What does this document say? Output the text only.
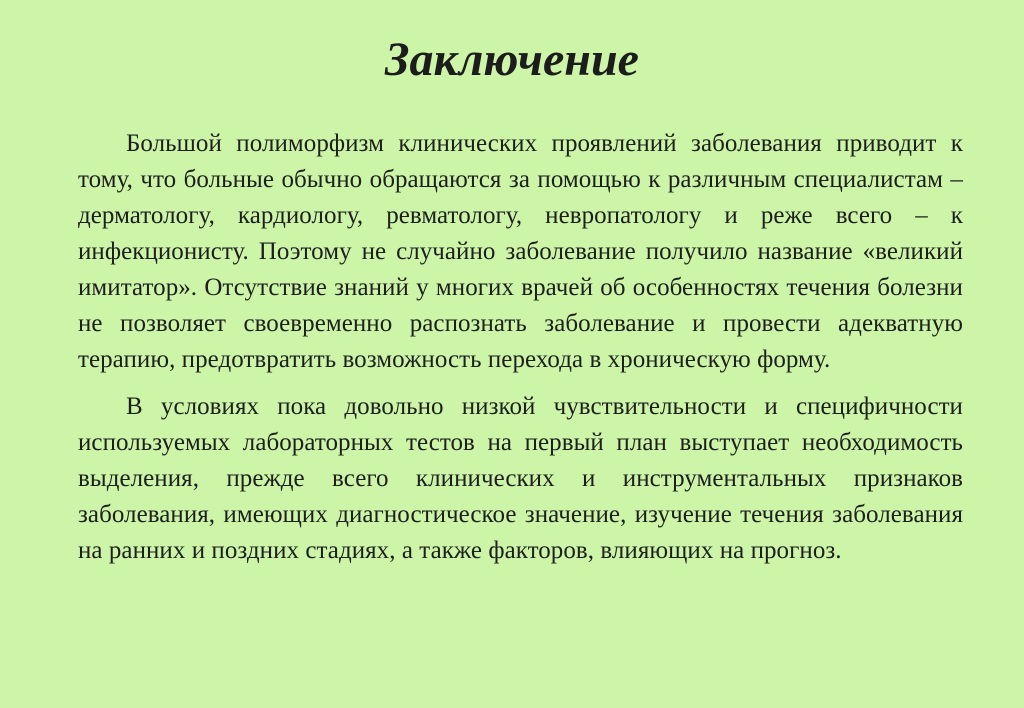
Заключение

Большой полиморфизм клинических проявлений заболевания приводит к тому, что больные обычно обращаются за помощью к различным специалистам – дерматологу, кардиологу, ревматологу, невропатологу и реже всего – к инфекционисту. Поэтому не случайно заболевание получило название «великий имитатор». Отсутствие знаний у многих врачей об особенностях течения болезни не позволяет своевременно распознать заболевание и провести адекватную терапию, предотвратить возможность перехода в хроническую форму.

В условиях пока довольно низкой чувствительности и специфичности используемых лабораторных тестов на первый план выступает необходимость выделения, прежде всего клинических и инструментальных признаков заболевания, имеющих диагностическое значение, изучение течения заболевания на ранних и поздних стадиях, а также факторов, влияющих на прогноз.
